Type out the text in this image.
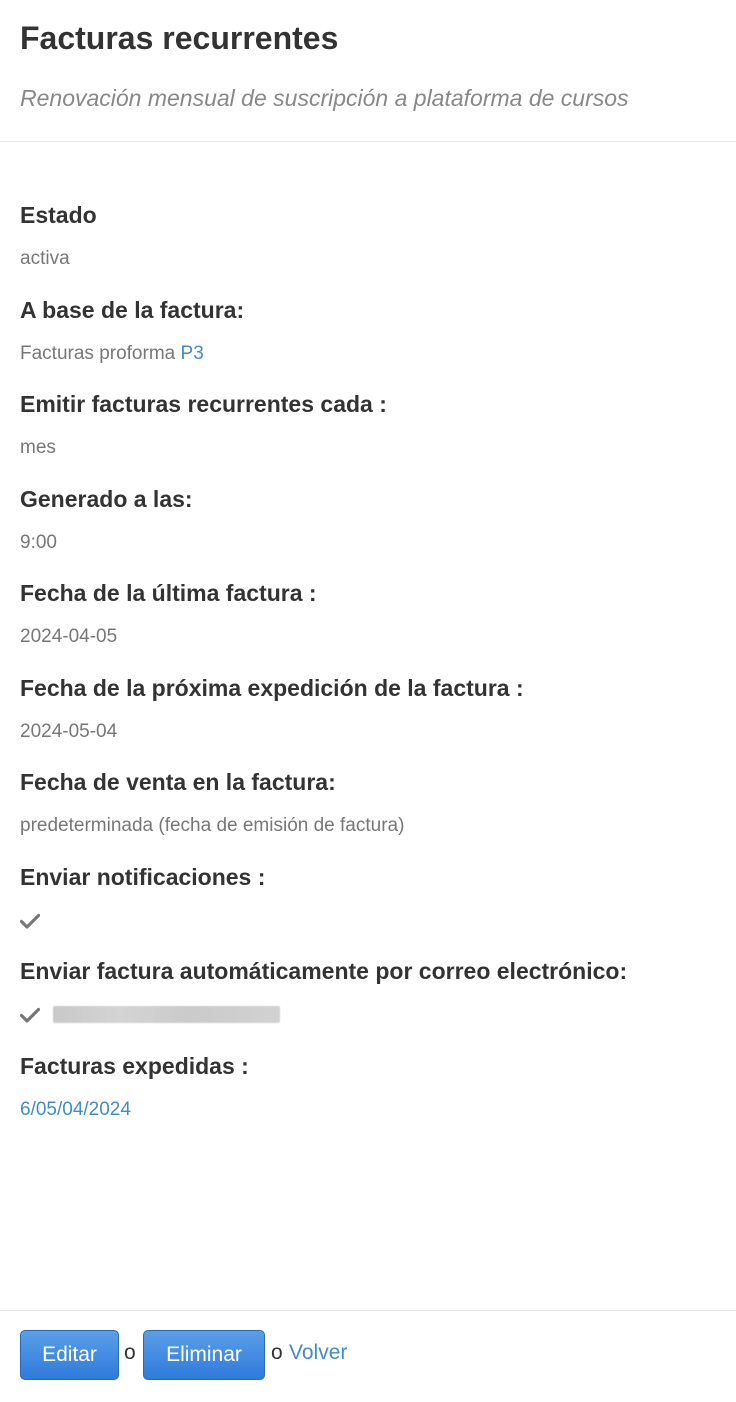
Facturas recurrentes

Renovación mensual de suscripción a plataforma de cursos

Estado
activa
A base de la factura:
Facturas proforma P3
Emitir facturas recurrentes cada :
mes
Generado a las:
9:00
Fecha de la última factura :
2024-04-05
Fecha de la próxima expedición de la factura :
2024-05-04
Fecha de venta en la factura:
predeterminada (fecha de emisión de factura)
Enviar notificaciones :
Enviar factura automáticamente por correo electrónico:

Facturas expedidas :
6/05/04/2024
Editar	o	Eliminar	o Volver
